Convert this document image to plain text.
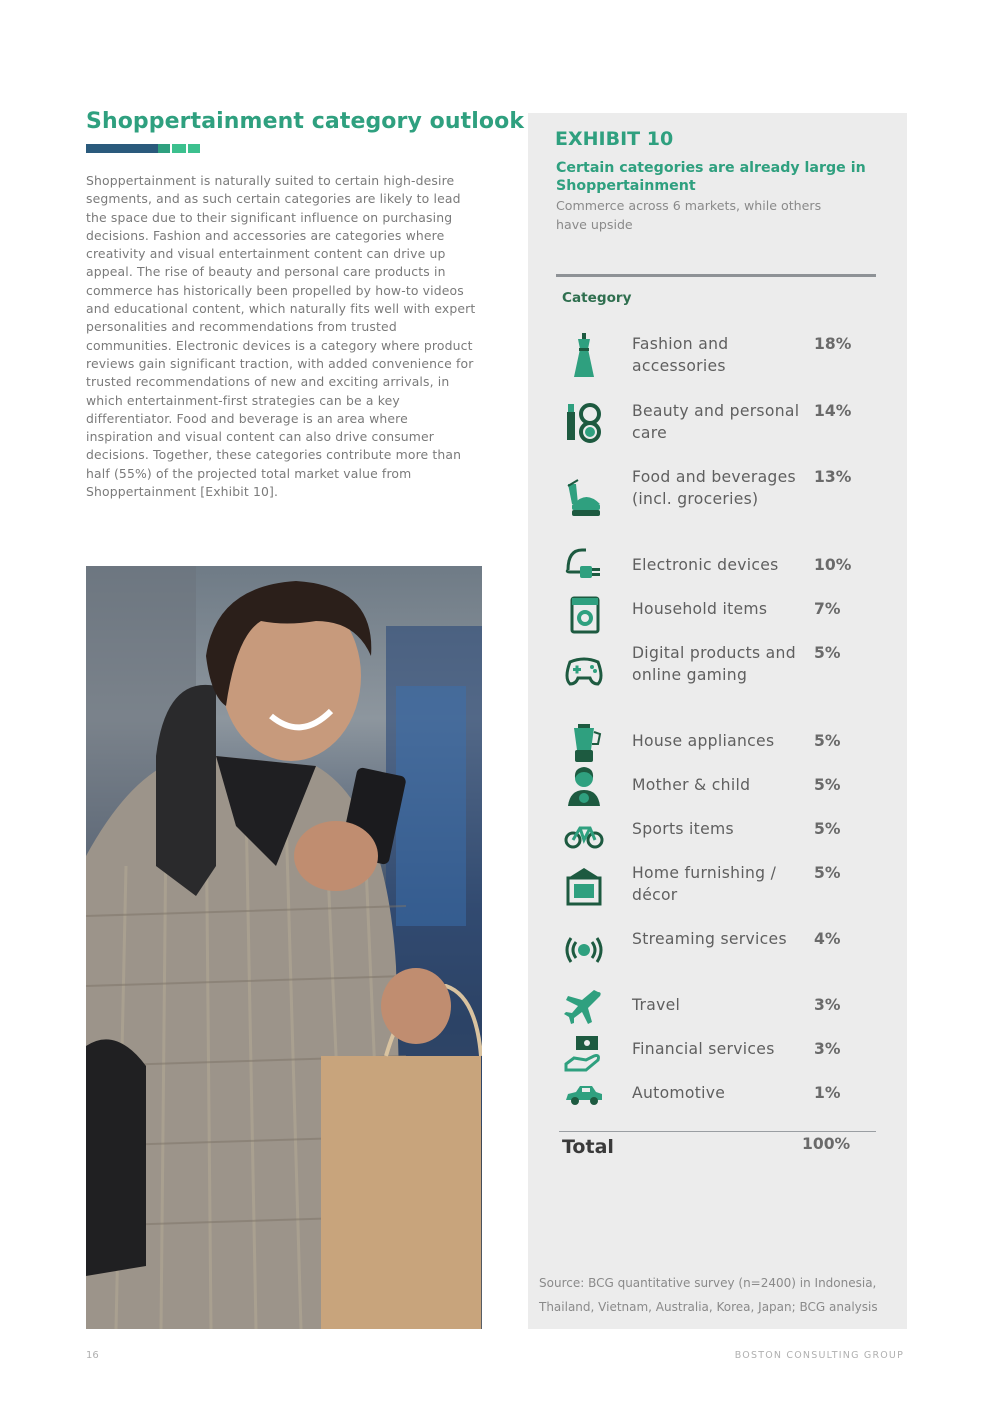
Shoppertainment category outlook

Shoppertainment is naturally suited to certain high-desire segments, and as such certain categories are likely to lead the space due to their significant influence on purchasing decisions. Fashion and accessories are categories where creativity and visual entertainment content can drive up appeal. The rise of beauty and personal care products in commerce has historically been propelled by how-to videos and educational content, which naturally fits well with expert personalities and recommendations from trusted communities. Electronic devices is a category where product reviews gain significant traction, with added convenience for trusted recommendations of new and exciting arrivals, in which entertainment-first strategies can be a key differentiator. Food and beverage is an area where inspiration and visual content can also drive consumer decisions. Together, these categories contribute more than half (55%) of the projected total market value from Shoppertainment [Exhibit 10].

EXHIBIT 10

Certain categories are already large in Shoppertainment

Commerce across 6 markets, while others have upside

Category

Fashion and accessories
18%
Beauty and personal care
14%
Food and beverages (incl. groceries)
13%
Electronic devices	10%
Household items	7%
Digital products and online gaming
5%
House appliances	5%
Mother & child	5%
Sports items	5%
Home furnishing / décor
5%
Streaming services	4%
Travel	3%
Financial services	3%
Automotive	1%
Total	100%

Source: BCG quantitative survey (n=2400) in Indonesia, Thailand, Vietnam, Australia, Korea, Japan; BCG analysis

16	BOSTON CONSULTING GROUP
